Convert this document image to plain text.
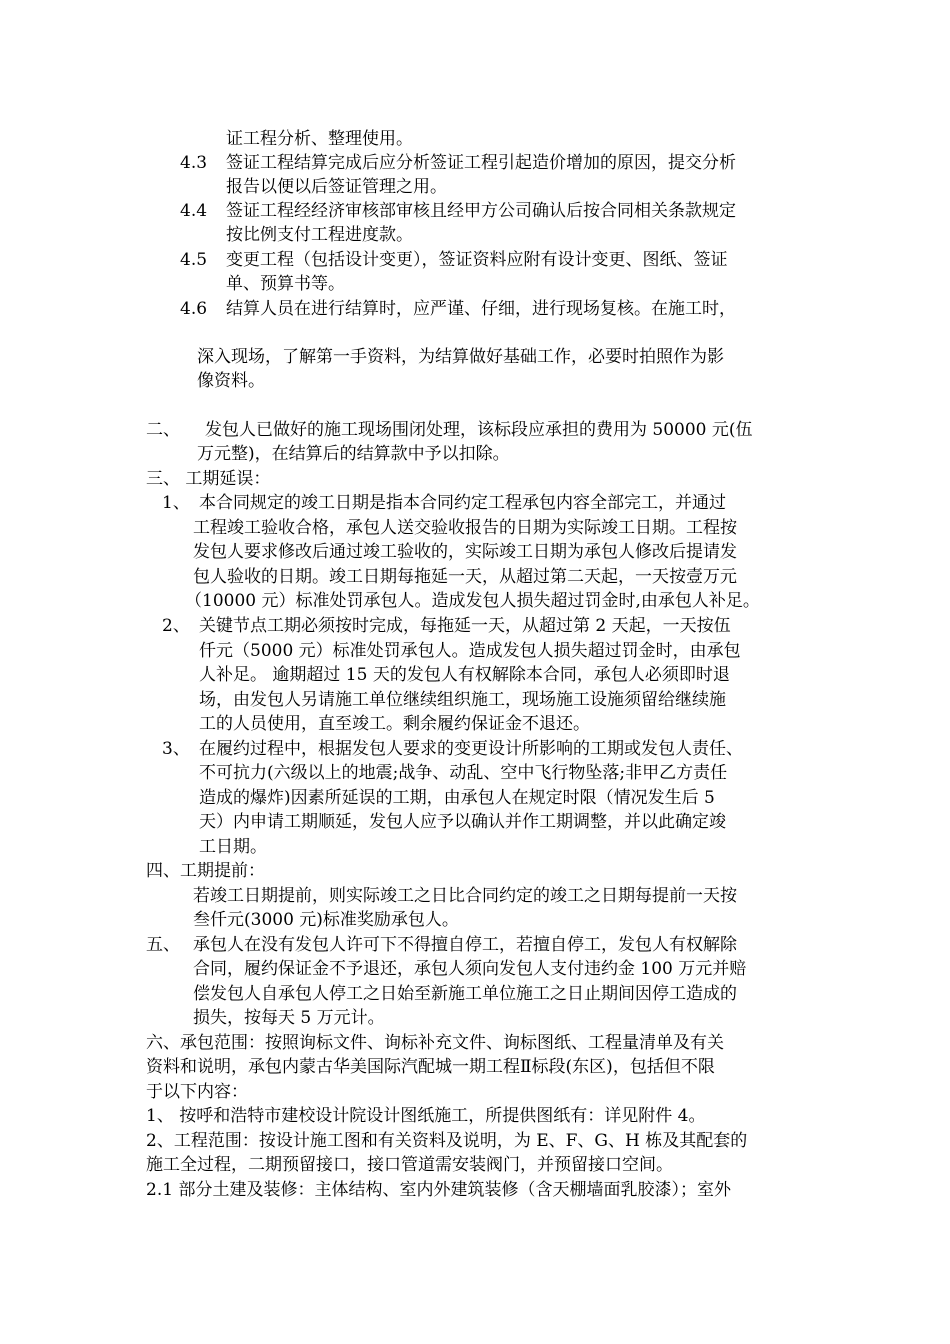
证工程分析、整理使用。

4.3 签证工程结算完成后应分析签证工程引起造价增加的原因，提交分析

报告以便以后签证管理之用。

4.4 签证工程经经济审核部审核且经甲方公司确认后按合同相关条款规定

按比例支付工程进度款。

4.5 变更工程（包括设计变更），签证资料应附有设计变更、图纸、签证

单、预算书等。

4.6 结算人员在进行结算时，应严谨、仔细，进行现场复核。在施工时，

深入现场，了解第一手资料，为结算做好基础工作，必要时拍照作为影

像资料。

二、 发包人已做好的施工现场围闭处理，该标段应承担的费用为 50000 元(伍

万元整)，在结算后的结算款中予以扣除。

三、 工期延误：

1、 本合同规定的竣工日期是指本合同约定工程承包内容全部完工，并通过

工程竣工验收合格，承包人送交验收报告的日期为实际竣工日期。工程按

发包人要求修改后通过竣工验收的，实际竣工日期为承包人修改后提请发

包人验收的日期。竣工日期每拖延一天，从超过第二天起，一天按壹万元

（10000 元）标准处罚承包人。造成发包人损失超过罚金时,由承包人补足。

2、 关键节点工期必须按时完成，每拖延一天，从超过第 2 天起，一天按伍

仟元（5000 元）标准处罚承包人。造成发包人损失超过罚金时，由承包

人补足。 逾期超过 15 天的发包人有权解除本合同，承包人必须即时退

场，由发包人另请施工单位继续组织施工，现场施工设施须留给继续施

工的人员使用，直至竣工。剩余履约保证金不退还。

3、 在履约过程中，根据发包人要求的变更设计所影响的工期或发包人责任、

不可抗力(六级以上的地震;战争、动乱、空中飞行物坠落;非甲乙方责任

造成的爆炸)因素所延误的工期，由承包人在规定时限（情况发生后 5

天）内申请工期顺延，发包人应予以确认并作工期调整，并以此确定竣

工日期。

四、工期提前：

若竣工日期提前，则实际竣工之日比合同约定的竣工之日期每提前一天按

叁仟元(3000 元)标准奖励承包人。

五、 承包人在没有发包人许可下不得擅自停工，若擅自停工，发包人有权解除

合同，履约保证金不予退还，承包人须向发包人支付违约金 100 万元并赔

偿发包人自承包人停工之日始至新施工单位施工之日止期间因停工造成的

损失，按每天 5 万元计。

六、承包范围：按照询标文件、询标补充文件、询标图纸、工程量清单及有关

资料和说明，承包内蒙古华美国际汽配城一期工程Ⅱ标段(东区)，包括但不限

于以下内容：

1、 按呼和浩特市建校设计院设计图纸施工，所提供图纸有：详见附件 4。

2、工程范围：按设计施工图和有关资料及说明，为 E、F、G、H 栋及其配套的

施工全过程，二期预留接口，接口管道需安装阀门，并预留接口空间。

2.1 部分土建及装修：主体结构、室内外建筑装修（含天棚墙面乳胶漆）；室外
